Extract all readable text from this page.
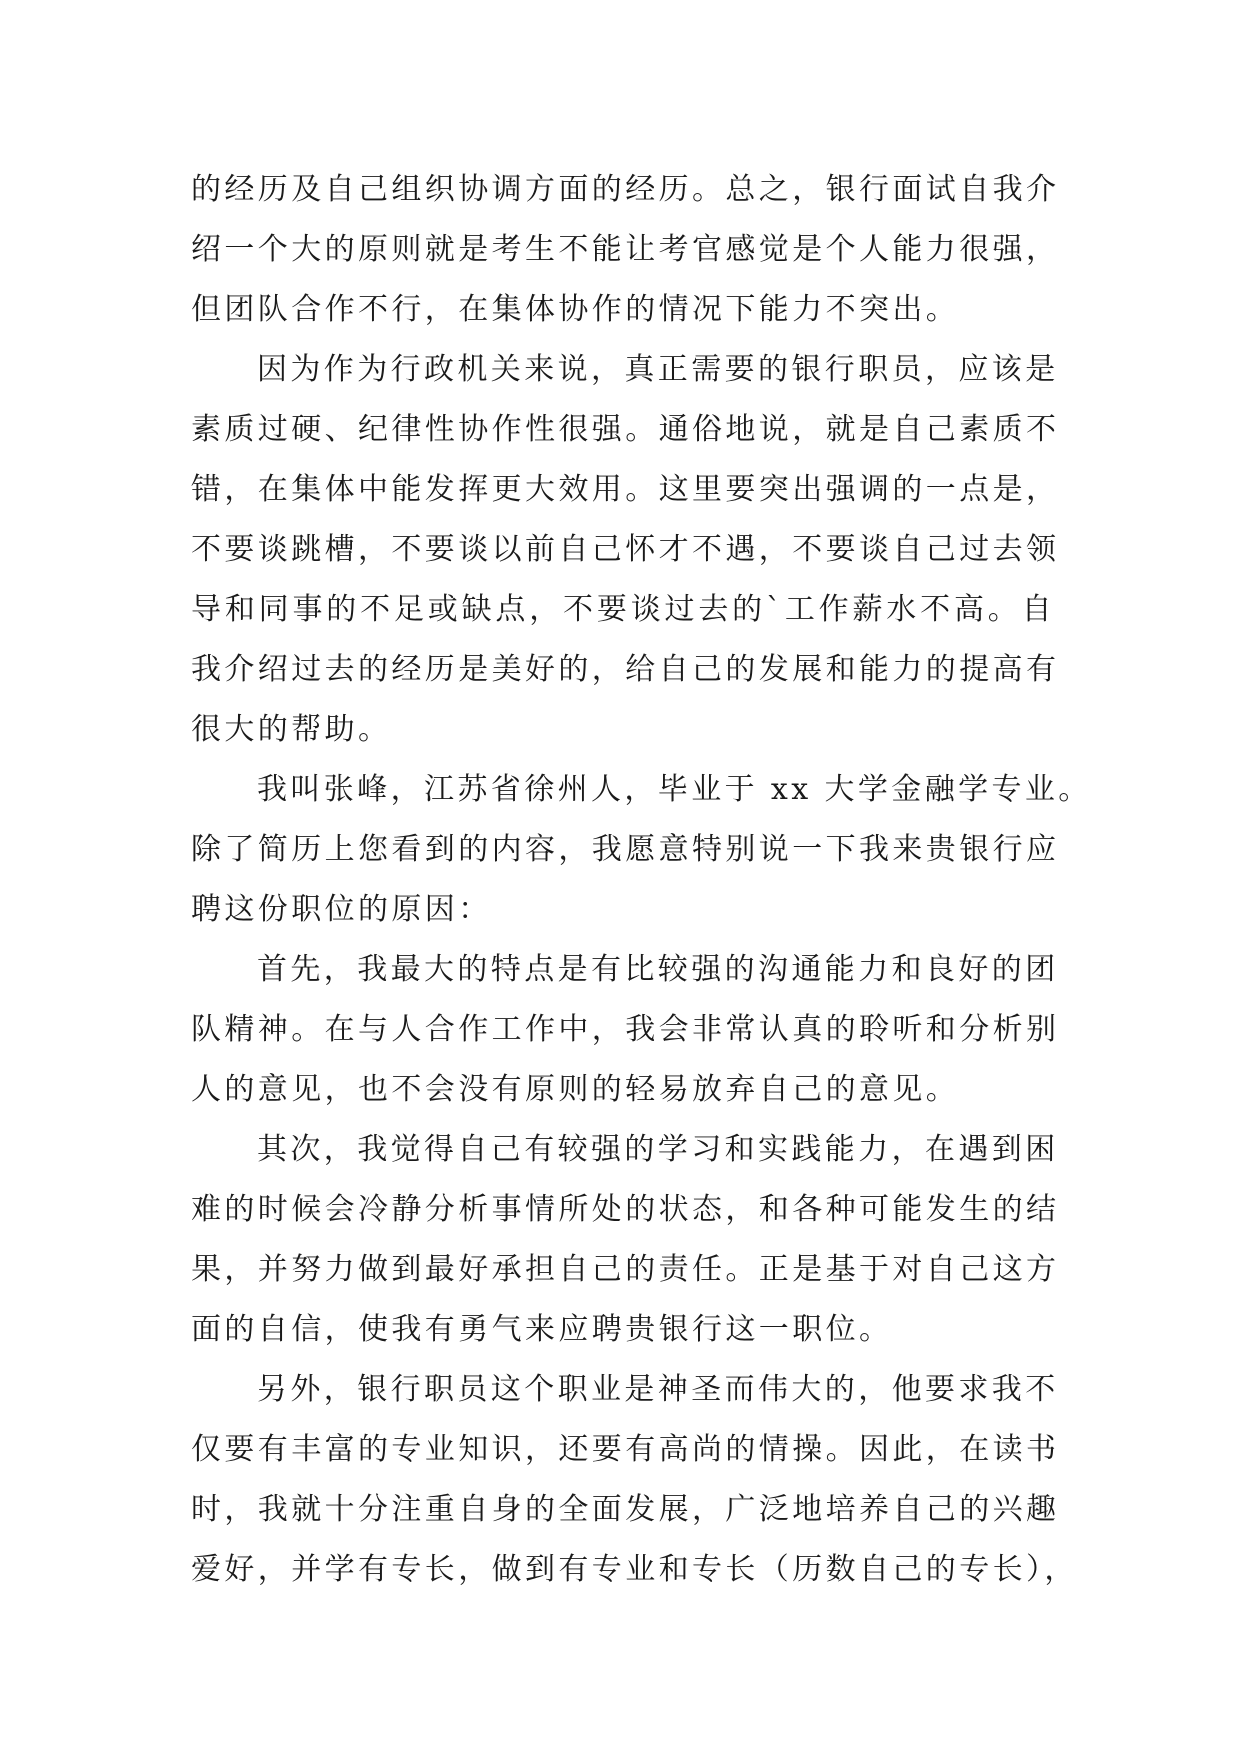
的经历及自己组织协调方面的经历。总之，银行面试自我介
绍一个大的原则就是考生不能让考官感觉是个人能力很强，
但团队合作不行，在集体协作的情况下能力不突出。
因为作为行政机关来说，真正需要的银行职员，应该是
素质过硬、纪律性协作性很强。通俗地说，就是自己素质不
错，在集体中能发挥更大效用。这里要突出强调的一点是，
不要谈跳槽，不要谈以前自己怀才不遇，不要谈自己过去领
导和同事的不足或缺点，不要谈过去的`工作薪水不高。自
我介绍过去的经历是美好的，给自己的发展和能力的提高有
很大的帮助。
我叫张峰，江苏省徐州人，毕业于 xx 大学金融学专业。
除了简历上您看到的内容，我愿意特别说一下我来贵银行应
聘这份职位的原因：
首先，我最大的特点是有比较强的沟通能力和良好的团
队精神。在与人合作工作中，我会非常认真的聆听和分析别
人的意见，也不会没有原则的轻易放弃自己的意见。
其次，我觉得自己有较强的学习和实践能力，在遇到困
难的时候会冷静分析事情所处的状态，和各种可能发生的结
果，并努力做到最好承担自己的责任。正是基于对自己这方
面的自信，使我有勇气来应聘贵银行这一职位。
另外，银行职员这个职业是神圣而伟大的，他要求我不
仅要有丰富的专业知识，还要有高尚的情操。因此，在读书
时，我就十分注重自身的全面发展，广泛地培养自己的兴趣
爱好，并学有专长，做到有专业和专长（历数自己的专长），
